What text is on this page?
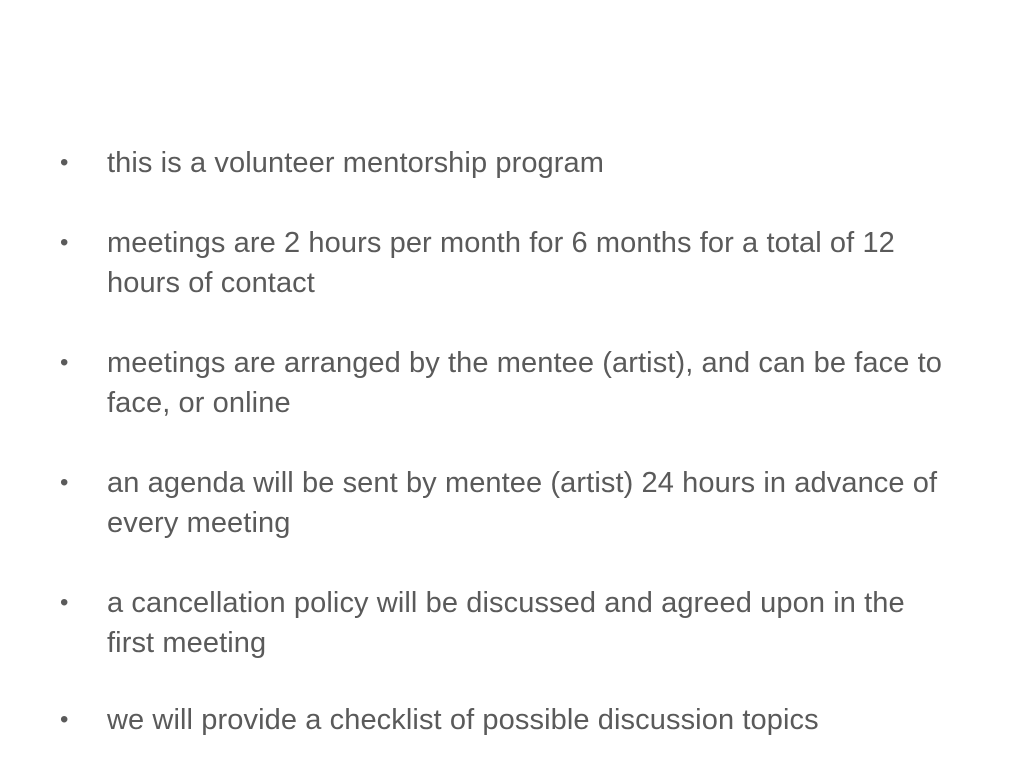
•	this is a volunteer mentorship program
•	meetings are 2 hours per month for 6 months for a total of 12 hours of contact
•	meetings are arranged by the mentee (artist), and can be face to face, or online
•	an agenda will be sent by mentee (artist) 24 hours in advance of every meeting
•	a cancellation policy will be discussed and agreed upon in the first meeting
•	we will provide a checklist of possible discussion topics
